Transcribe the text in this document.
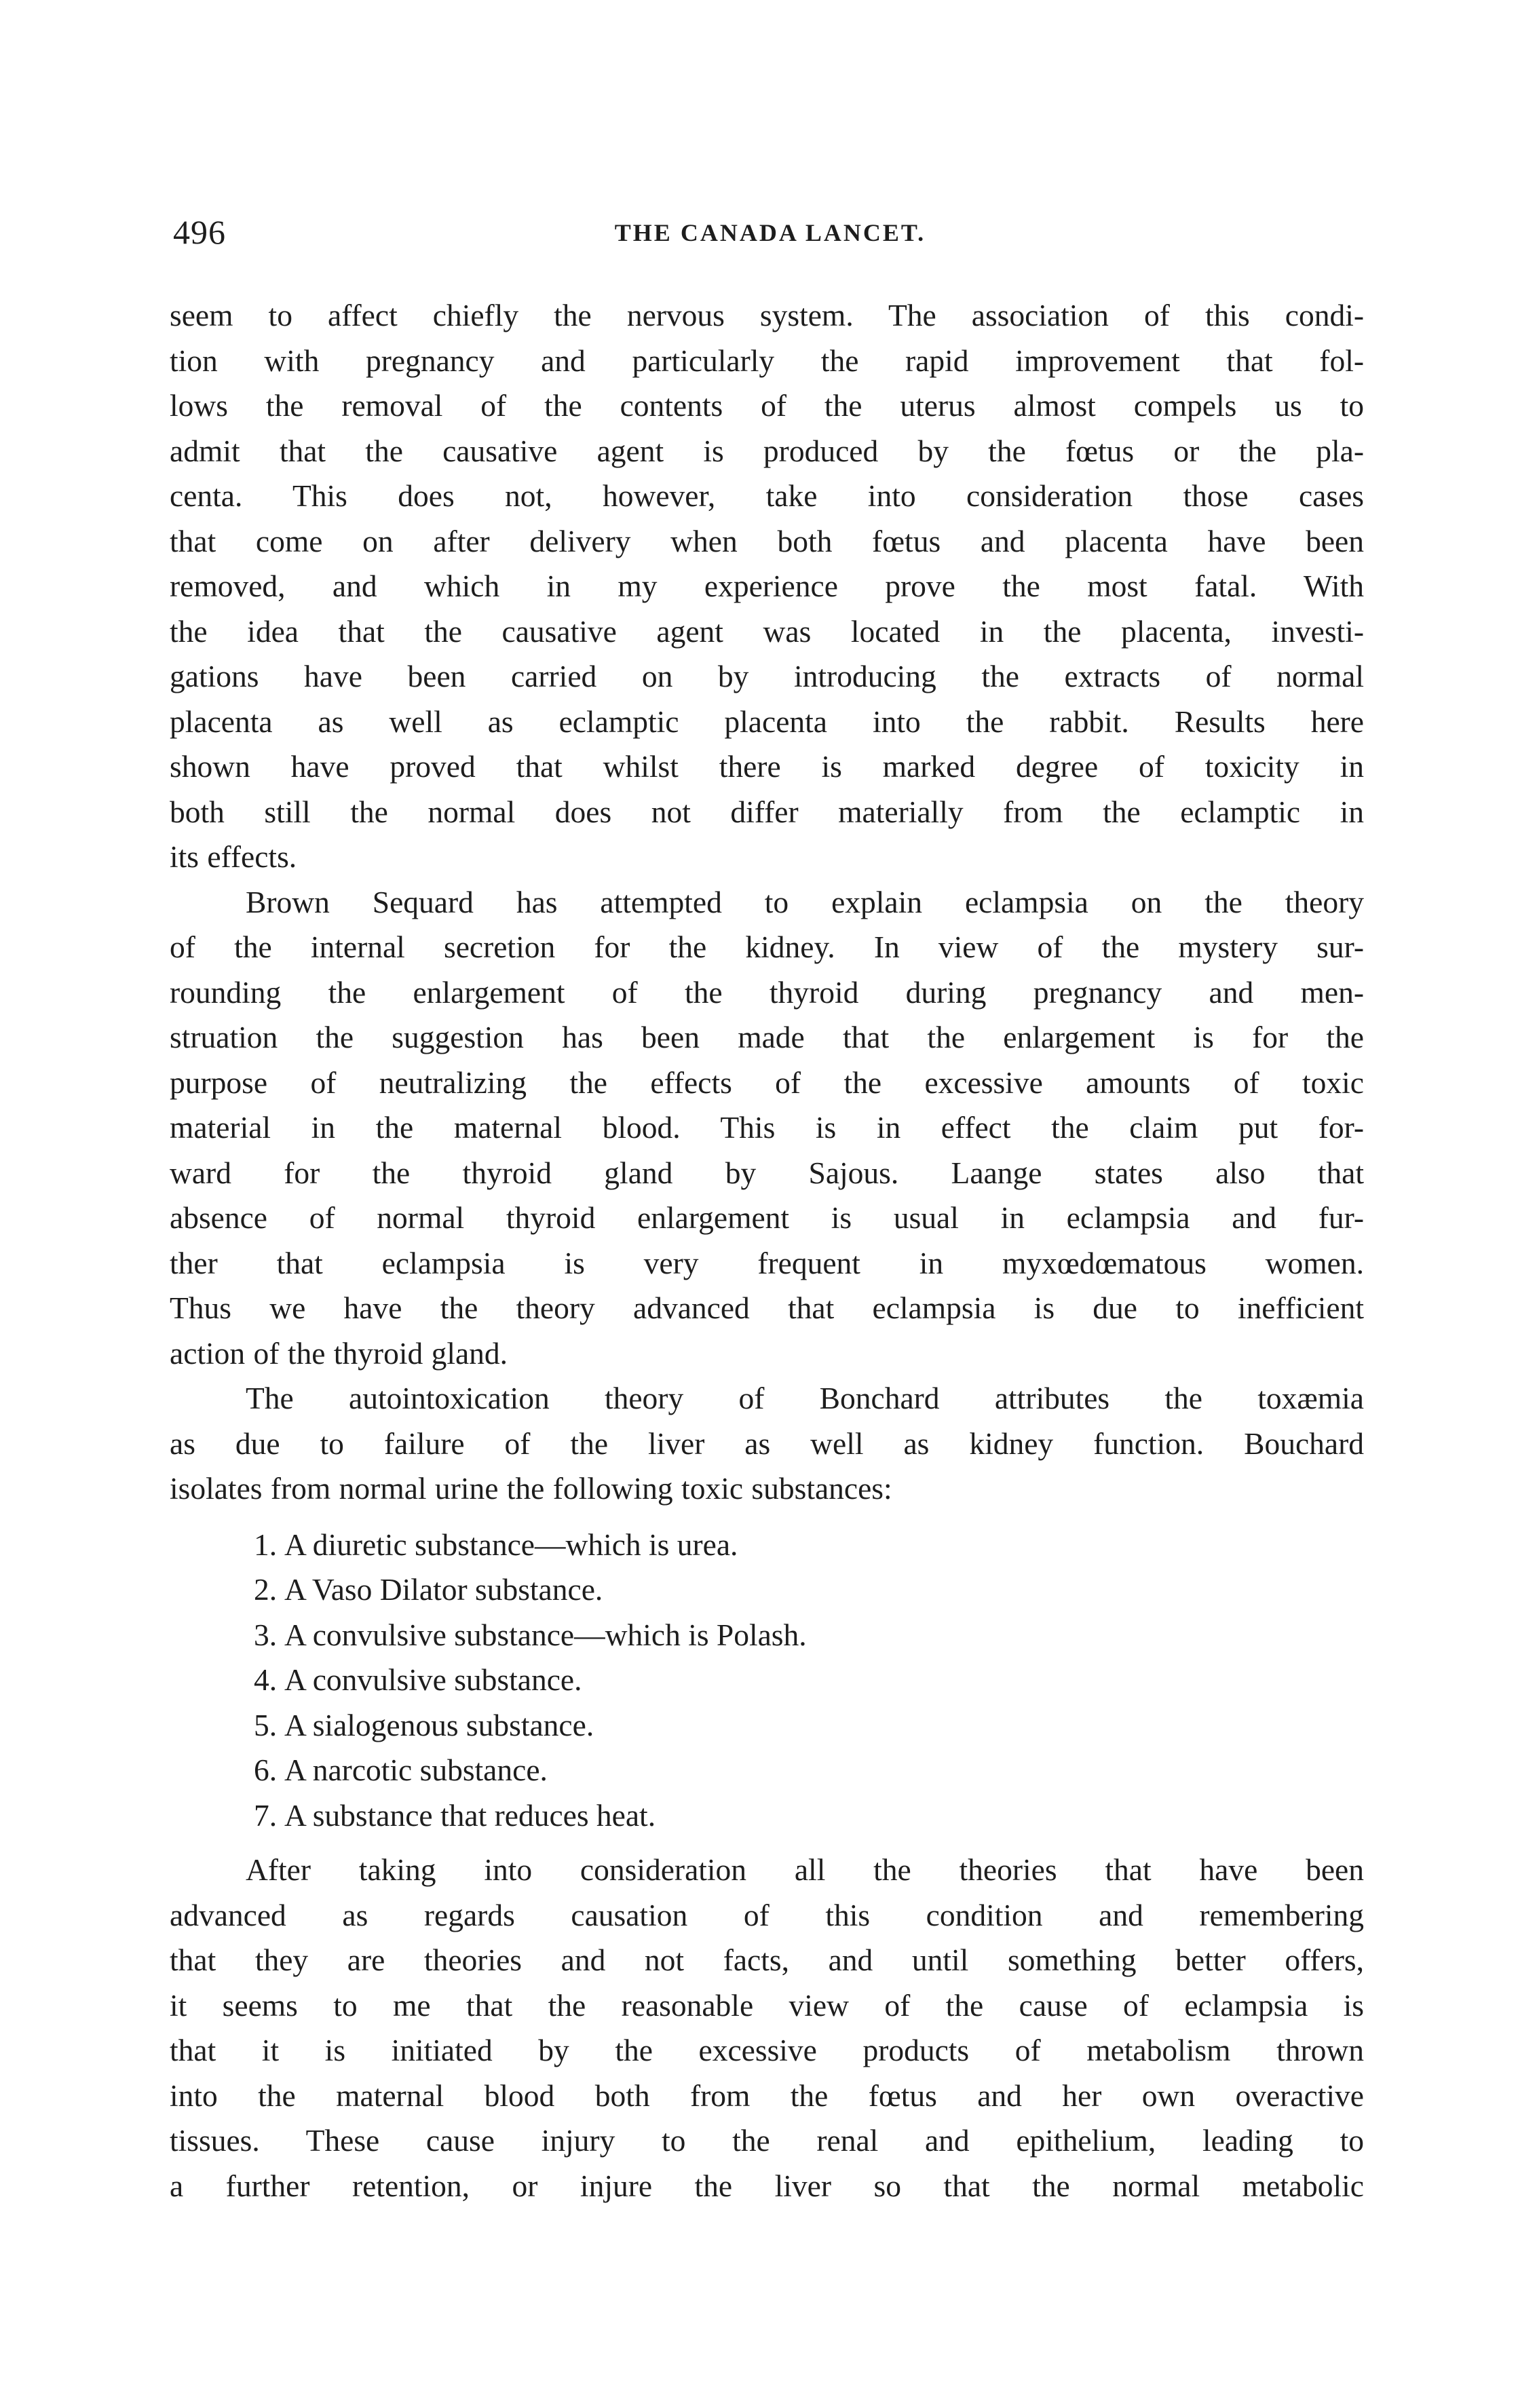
496	THE CANADA LANCET.

seem to affect chiefly the nervous system. The association of this condi-
tion with pregnancy and particularly the rapid improvement that fol-
lows the removal of the contents of the uterus almost compels us to
admit that the causative agent is produced by the fœtus or the pla-
centa. This does not, however, take into consideration those cases
that come on after delivery when both fœtus and placenta have been
removed, and which in my experience prove the most fatal. With
the idea that the causative agent was located in the placenta, investi-
gations have been carried on by introducing the extracts of normal
placenta as well as eclamptic placenta into the rabbit. Results here
shown have proved that whilst there is marked degree of toxicity in
both still the normal does not differ materially from the eclamptic in
its effects.

Brown Sequard has attempted to explain eclampsia on the theory
of the internal secretion for the kidney. In view of the mystery sur-
rounding the enlargement of the thyroid during pregnancy and men-
struation the suggestion has been made that the enlargement is for the
purpose of neutralizing the effects of the excessive amounts of toxic
material in the maternal blood. This is in effect the claim put for-
ward for the thyroid gland by Sajous. Laange states also that
absence of normal thyroid enlargement is usual in eclampsia and fur-
ther that eclampsia is very frequent in myxœdœmatous women.
Thus we have the theory advanced that eclampsia is due to inefficient
action of the thyroid gland.

The autointoxication theory of Bonchard attributes the toxæmia
as due to failure of the liver as well as kidney function. Bouchard
isolates from normal urine the following toxic substances:

1. A diuretic substance—which is urea.
2. A Vaso Dilator substance.
3. A convulsive substance—which is Polash.
4. A convulsive substance.
5. A sialogenous substance.
6. A narcotic substance.
7. A substance that reduces heat.

After taking into consideration all the theories that have been
advanced as regards causation of this condition and remembering
that they are theories and not facts, and until something better offers,
it seems to me that the reasonable view of the cause of eclampsia is
that it is initiated by the excessive products of metabolism thrown
into the maternal blood both from the fœtus and her own overactive
tissues. These cause injury to the renal and epithelium, leading to
a further retention, or injure the liver so that the normal metabolic
